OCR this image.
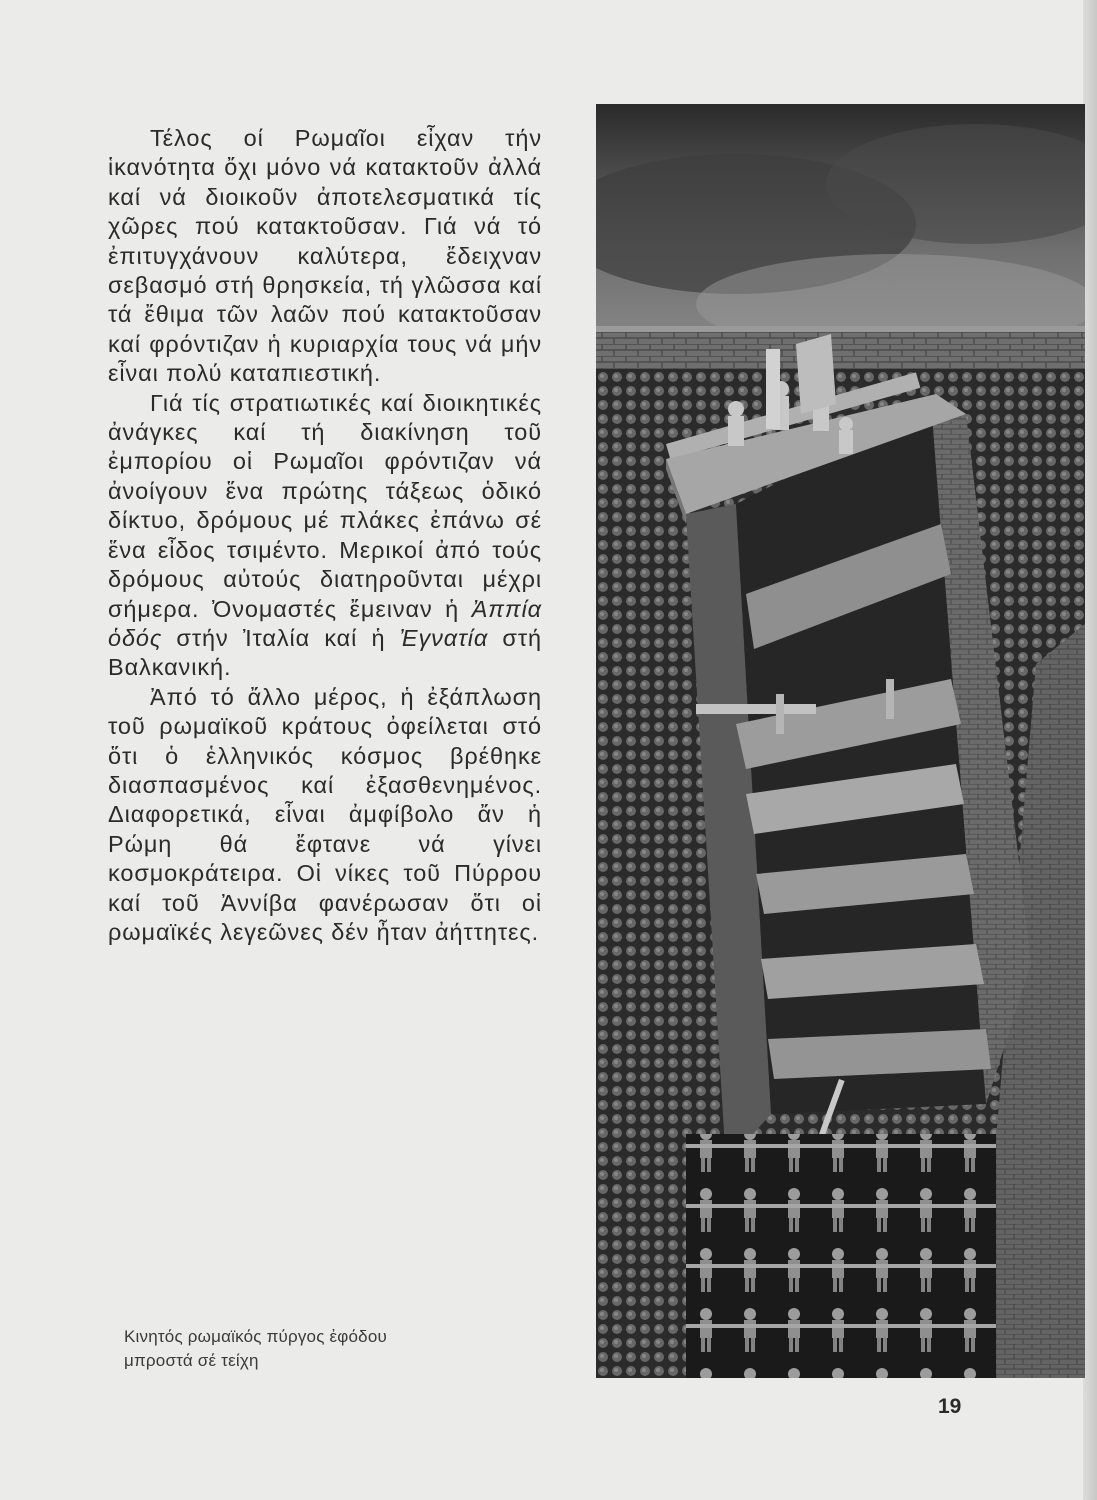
Τέλος οί Ρωμαῖοι εἶχαν τήν ἱκανότητα ὄχι μόνο νά κατακτοῦν ἀλλά καί νά διοικοῦν ἀποτελεσματικά τίς χῶρες πού κατακτοῦσαν. Γιά νά τό ἐπιτυγχάνουν καλύτερα, ἔδειχναν σεβασμό στή θρησκεία, τή γλῶσσα καί τά ἔθιμα τῶν λαῶν πού κατακτοῦσαν καί φρόντιζαν ἡ κυριαρχία τους νά μήν εἶναι πολύ καταπιεστική.

Γιά τίς στρατιωτικές καί διοικητικές ἀνάγκες καί τή διακίνηση τοῦ ἐμπορίου οἱ Ρωμαῖοι φρόντιζαν νά ἀνοίγουν ἕνα πρώτης τάξεως ὁδικό δίκτυο, δρόμους μέ πλάκες ἐπάνω σέ ἕνα εἶδος τσιμέντο. Μερικοί ἀπό τούς δρόμους αὐτούς διατηροῦνται μέχρι σήμερα. Ὀνομαστές ἔμειναν ἡ Ἀππία ὁδός στήν Ἰταλία καί ἡ Ἐγνατία στή Βαλκανική.

Ἀπό τό ἄλλο μέρος, ἡ ἐξάπλωση τοῦ ρωμαϊκοῦ κράτους ὀφείλεται στό ὅτι ὁ ἑλληνικός κόσμος βρέθηκε διασπασμένος καί ἐξασθενημένος. Διαφορετικά, εἶναι ἀμφίβολο ἄν ἡ Ρώμη θά ἔφτανε νά γίνει κοσμοκράτειρα. Οἱ νίκες τοῦ Πύρρου καί τοῦ Ἀννίβα φανέρωσαν ὅτι οἱ ρωμαϊκές λεγεῶνες δέν ἦταν ἀήττητες.

Κινητός ρωμαϊκός πύργος ἐφόδου
μπροστά σέ τείχη
19
